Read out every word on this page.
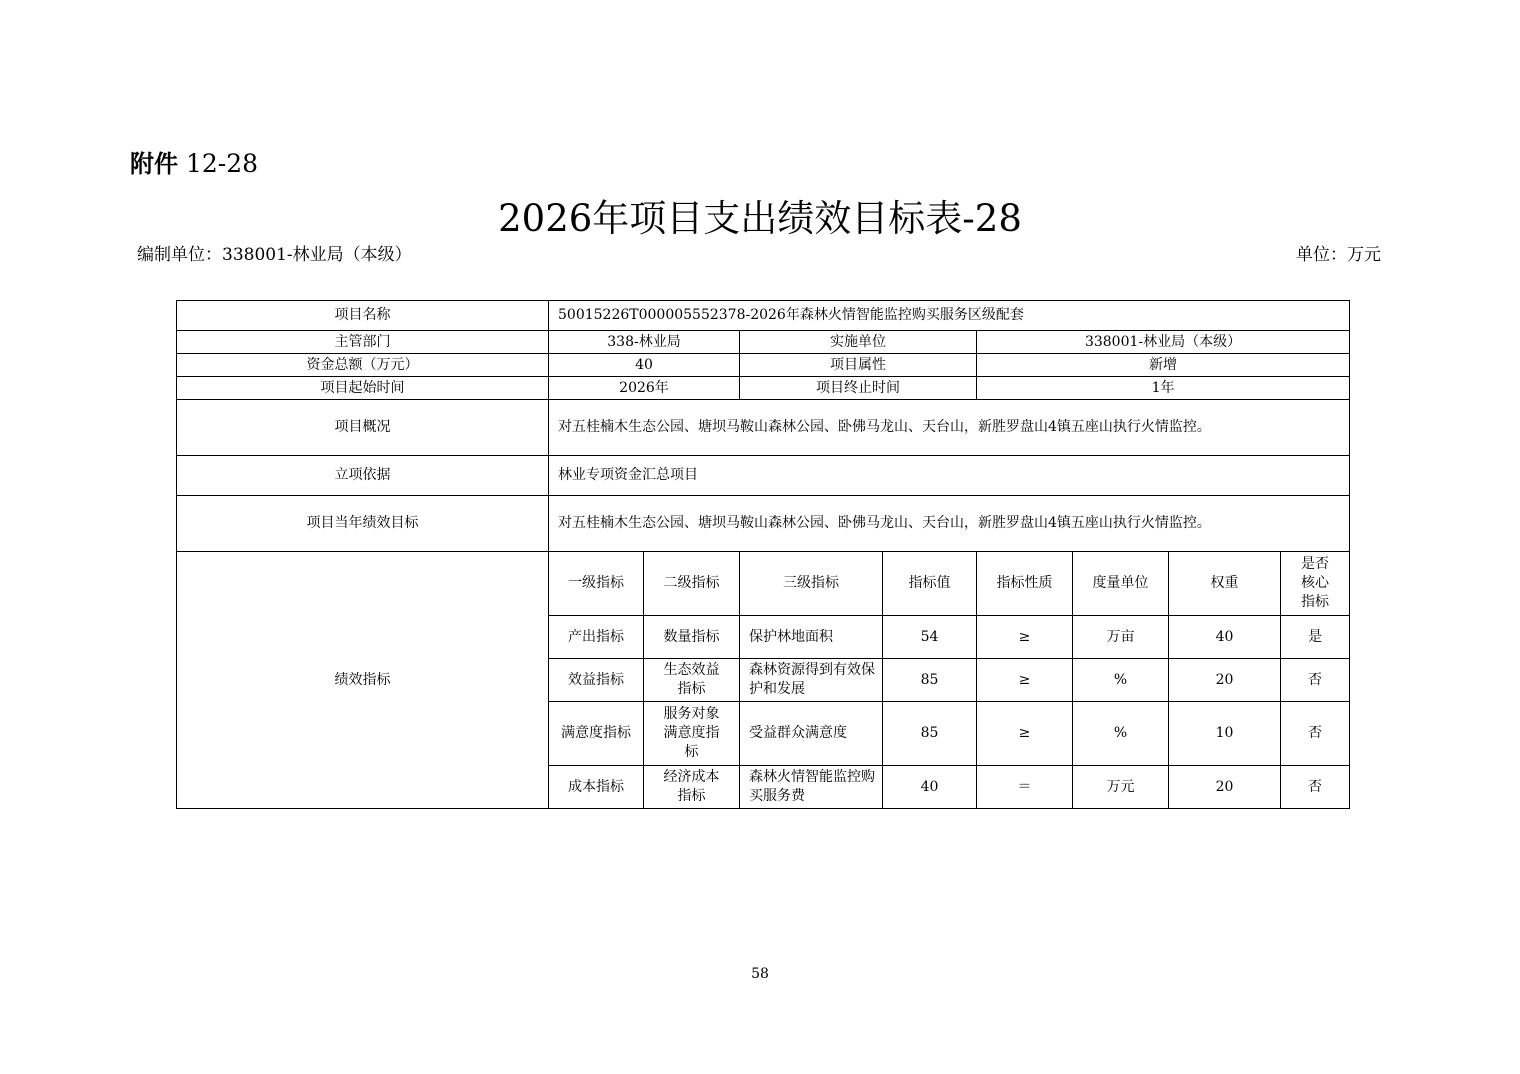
附件 12-28
2026年项目支出绩效目标表-28
编制单位：338001-林业局（本级）	单位：万元
项目名称	50015226T000005552378-2026年森林火情智能监控购买服务区级配套							
主管部门	338-林业局		实施单位		338001-林业局（本级）			
资金总额（万元）	40		项目属性		新增			
项目起始时间	2026年		项目终止时间		1年			
项目概况	对五桂楠木生态公园、塘坝马鞍山森林公园、卧佛马龙山、天台山，新胜罗盘山4镇五座山执行火情监控。							
立项依据	林业专项资金汇总项目							
项目当年绩效目标	对五桂楠木生态公园、塘坝马鞍山森林公园、卧佛马龙山、天台山，新胜罗盘山4镇五座山执行火情监控。							
绩效指标	一级指标	二级指标	三级指标	指标值	指标性质	度量单位	权重	是否核心指标
	产出指标	数量指标	保护林地面积	54	≥	万亩	40	是
	效益指标	生态效益指标	森林资源得到有效保护和发展	85	≥	%	20	否
	满意度指标	服务对象满意度指标	受益群众满意度	85	≥	%	10	否
	成本指标	经济成本指标	森林火情智能监控购买服务费	40	＝	万元	20	否
58
